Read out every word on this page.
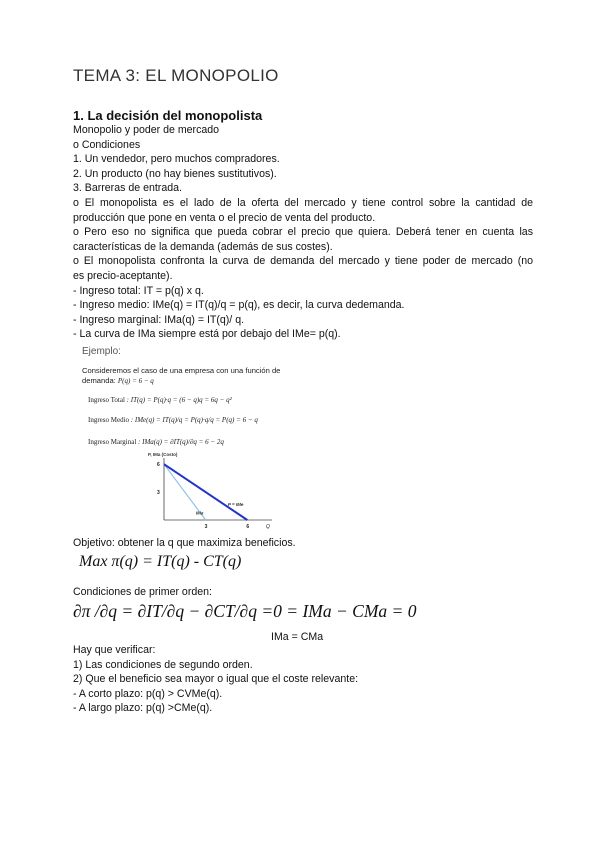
TEMA 3: EL MONOPOLIO
1. La decisión del monopolista
Monopolio y poder de mercado
o Condiciones
1. Un vendedor, pero muchos compradores.
2. Un producto (no hay bienes sustitutivos).
3. Barreras de entrada.
o El monopolista es el lado de la oferta del mercado y tiene control sobre la cantidad de
producción que pone en venta o el precio de venta del producto.
o Pero eso no significa que pueda cobrar el precio que quiera. Deberá tener en cuenta las
características de la demanda (además de sus costes).
o El monopolista confronta la curva de demanda del mercado y tiene poder de mercado (no
es precio-aceptante).
- Ingreso total: IT = p(q) x q.
- Ingreso medio: IMe(q) = IT(q)/q = p(q), es decir, la curva dedemanda.
- Ingreso marginal: IMa(q) = IT(q)/ q.
- La curva de IMa siempre está por debajo del IMe= p(q).
Ejemplo:
Consideremos el caso de una empresa con una función de
demanda: P(q) = 6 − q
Ingreso Total : IT(q) = P(q)·q = (6 − q)q = 6q − q²
Ingreso Medio : IMe(q) = IT(q)/q = P(q)·q/q = P(q) = 6 − q
Ingreso Marginal : IMa(q) = ∂IT(q)/∂q = 6 − 2q
P, IMa (Costo)
3
6
3	6	Q
IMa
P = IMe
Objetivo: obtener la q que maximiza beneficios.
Max π(q) = IT(q) - CT(q)
Condiciones de primer orden:
∂π /∂q = ∂IT/∂q − ∂CT/∂q =0 = IMa − CMa = 0
IMa = CMa
Hay que verificar:
1) Las condiciones de segundo orden.
2) Que el beneficio sea mayor o igual que el coste relevante:
- A corto plazo: p(q) > CVMe(q).
- A largo plazo: p(q) >CMe(q).
